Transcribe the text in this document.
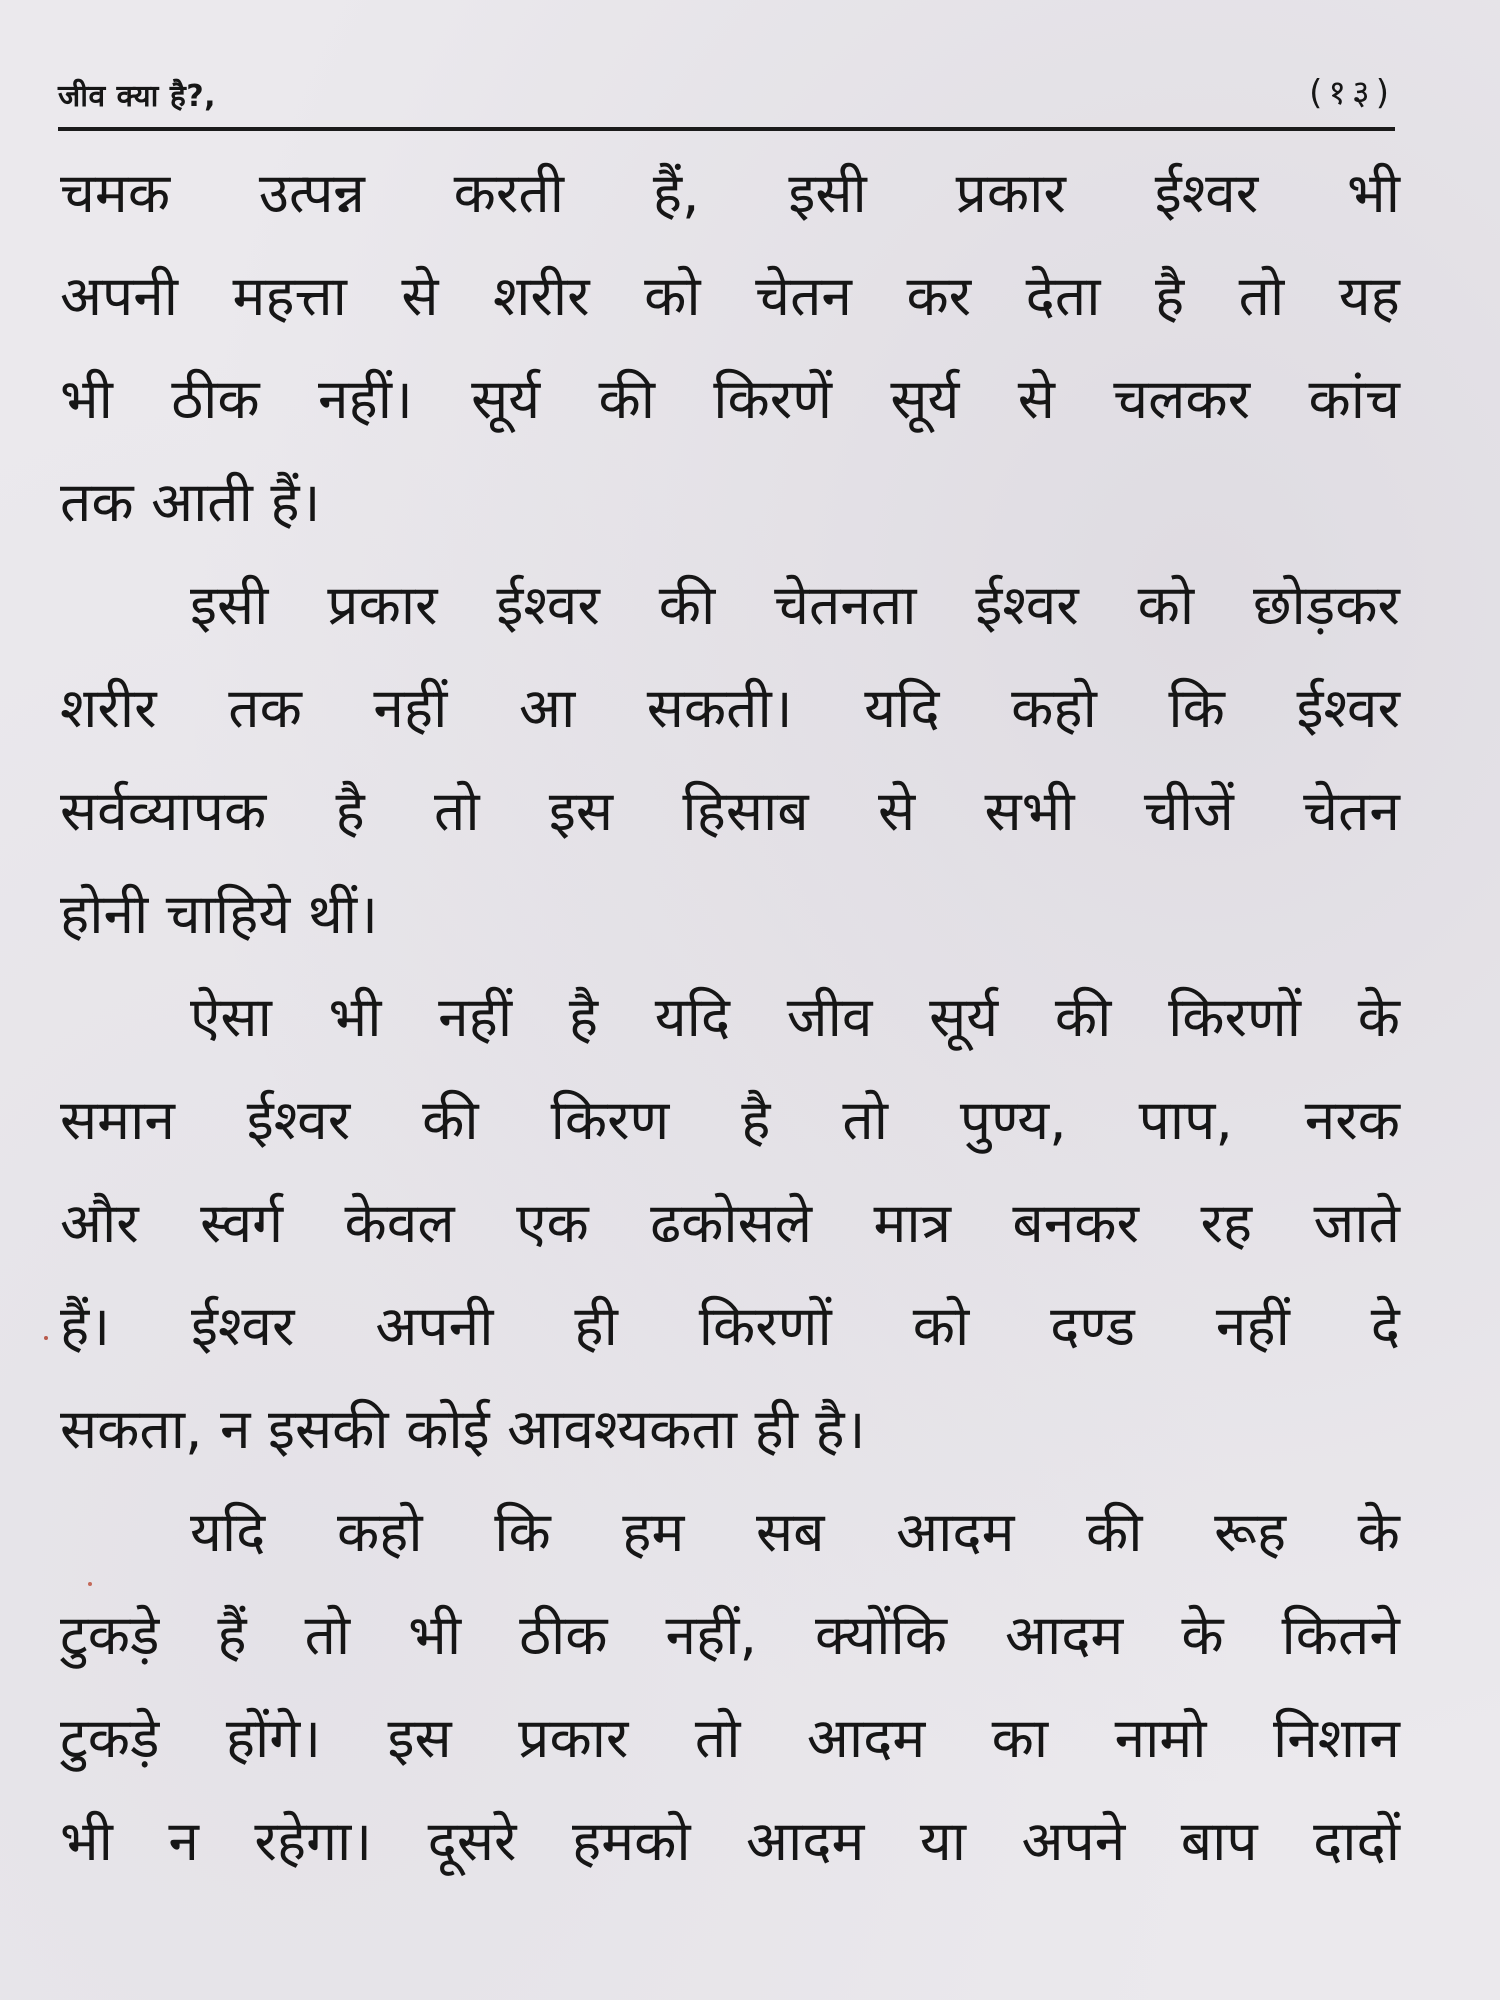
जीव क्या है?,	(१३)
चमक उत्पन्न करती हैं, इसी प्रकार ईश्वर भी
अपनी महत्ता से शरीर को चेतन कर देता है तो यह
भी ठीक नहीं। सूर्य की किरणें सूर्य से चलकर कांच
तक आती हैं।
इसी प्रकार ईश्वर की चेतनता ईश्वर को छोड़कर
शरीर तक नहीं आ सकती। यदि कहो कि ईश्वर
सर्वव्यापक है तो इस हिसाब से सभी चीजें चेतन
होनी चाहिये थीं।
ऐसा भी नहीं है यदि जीव सूर्य की किरणों के
समान ईश्वर की किरण है तो पुण्य, पाप, नरक
और स्वर्ग केवल एक ढकोसले मात्र बनकर रह जाते
हैं। ईश्वर अपनी ही किरणों को दण्ड नहीं दे
सकता, न इसकी कोई आवश्यकता ही है।
यदि कहो कि हम सब आदम की रूह के
टुकड़े हैं तो भी ठीक नहीं, क्योंकि आदम के कितने
टुकड़े होंगे। इस प्रकार तो आदम का नामो निशान
भी न रहेगा। दूसरे हमको आदम या अपने बाप दादों
